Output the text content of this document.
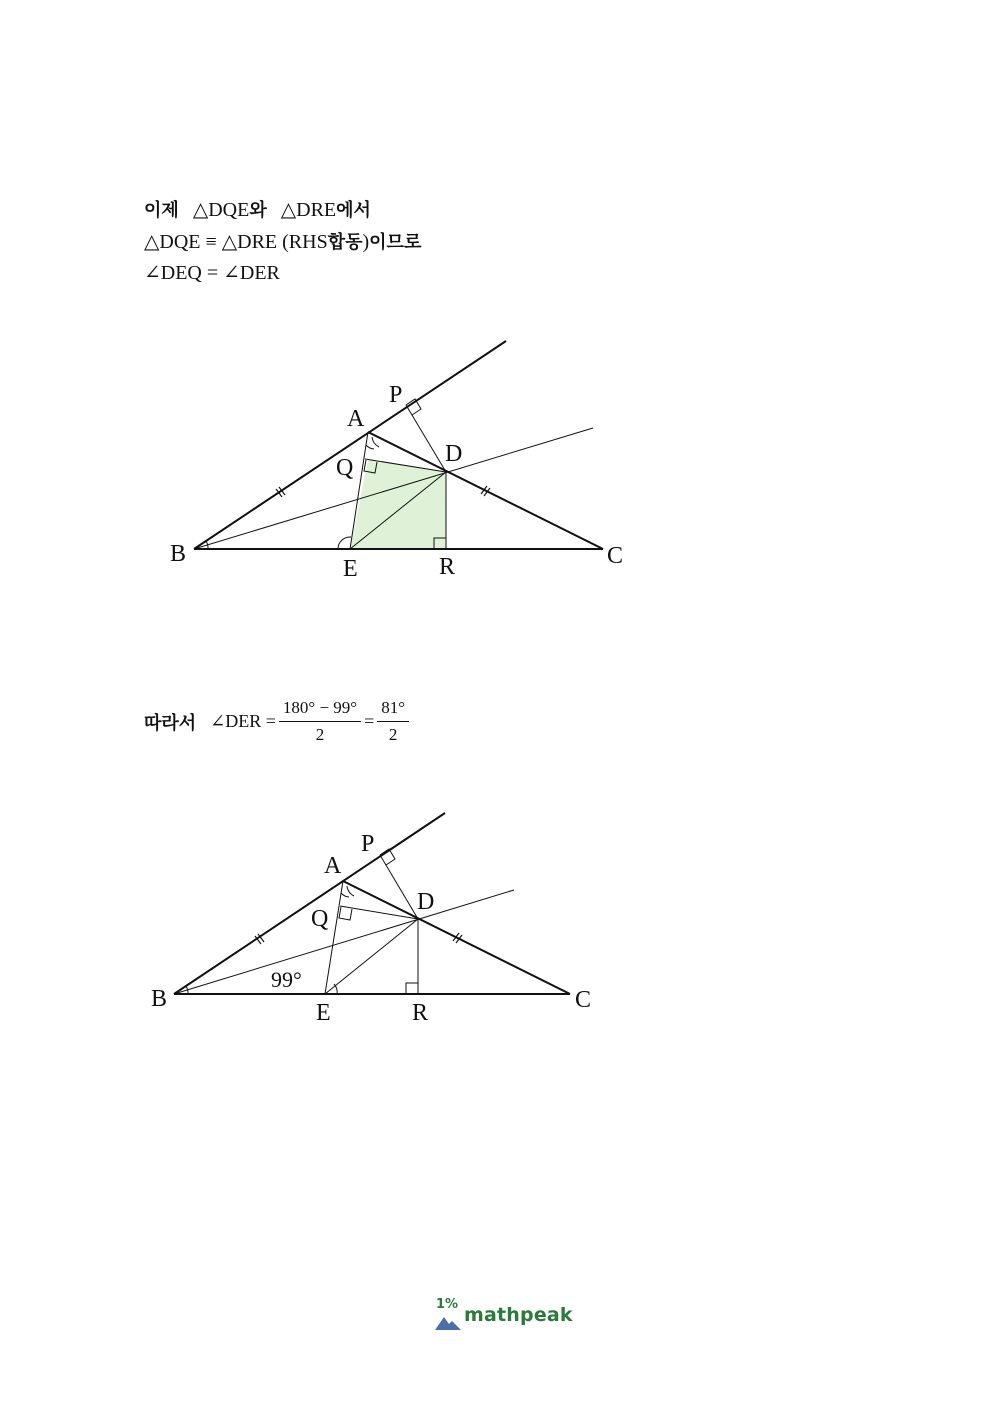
이제 △DQE와 △DRE에서
△DQE ≡ △DRE (RHS합동)이므로
∠DEQ = ∠DER
A
P
D
Q
B
E	R	C
따라서 ∠DER = $\frac{180^\circ - 99^\circ}{2} = \frac{81^\circ}{2}$
A
P
D
Q
B
E	R	C
99°
1% mathpeak
